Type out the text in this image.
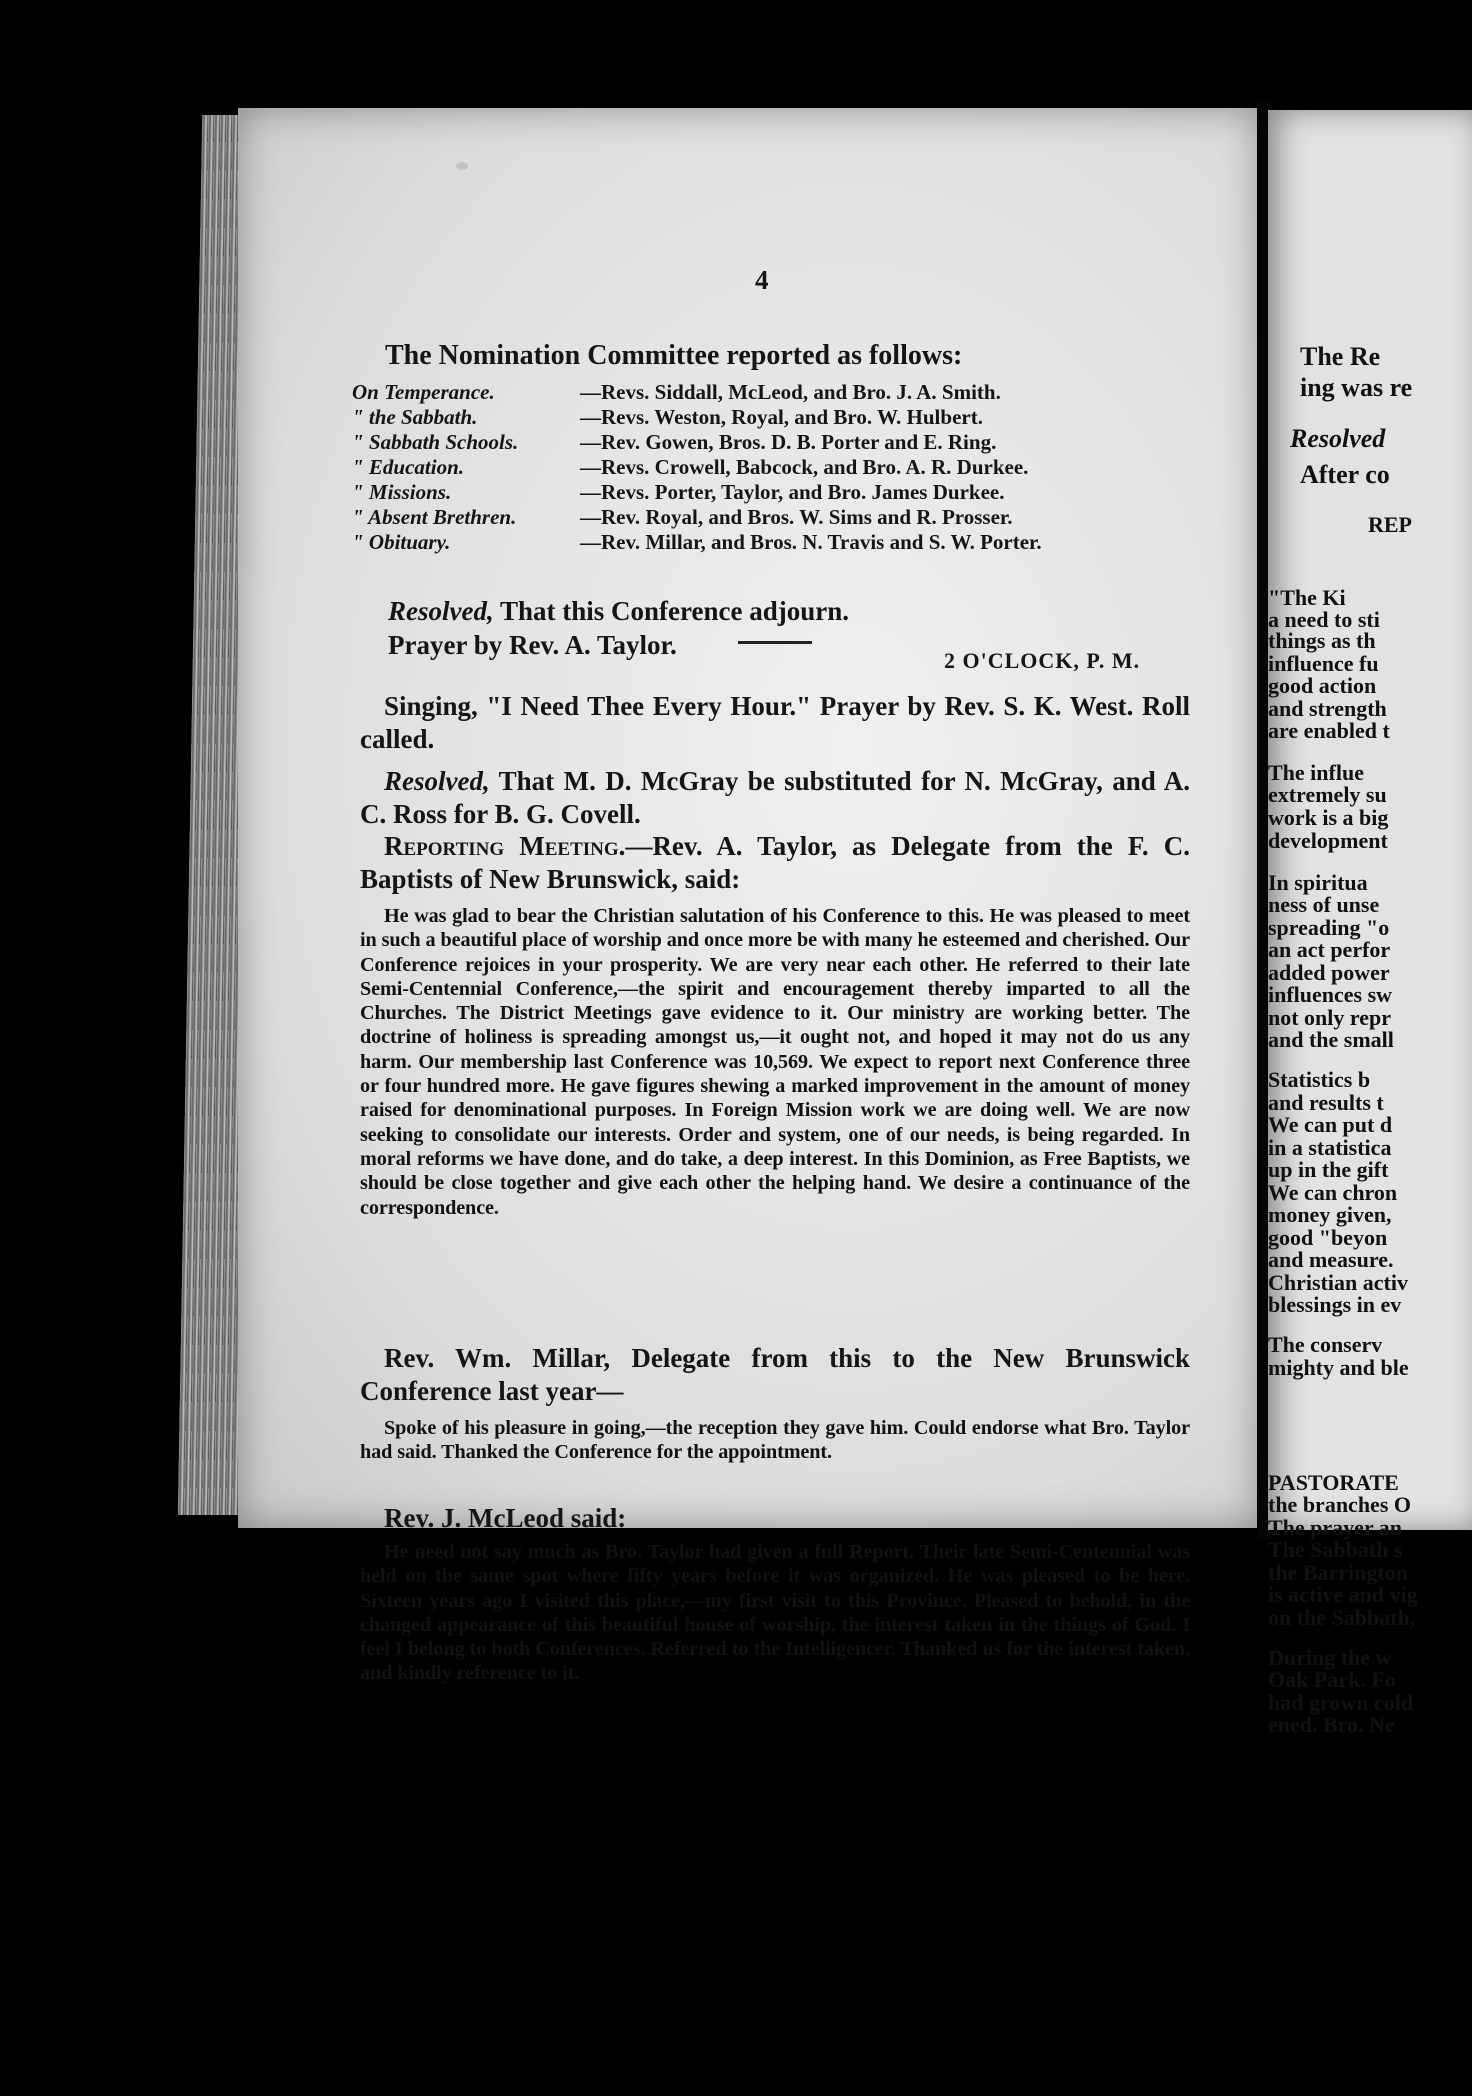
The Re
ing was re
Resolved
After co
REP
"The Ki
a need to sti
things as th
influence fu
good action
and strength
are enabled t
The influe
extremely su
work is a big
development
In spiritua
ness of unse
spreading "o
an act perfor
added power
influences sw
not only repr
and the small
Statistics b
and results t
We can put d
in a statistica
up in the gift
We can chron
money given,
good "beyon
and measure.
Christian activ
blessings in ev
The conserv
mighty and ble
PASTORATE
the branches O
The prayer an
The Sabbath s
the Barrington
is active and vig
on the Sabbath,
During the w
Oak Park. Fo
had grown cold
ened. Bro. Ne
4
The Nomination Committee reported as follows:
On Temperance.	—Revs. Siddall, McLeod, and Bro. J. A. Smith.
" the Sabbath.	—Revs. Weston, Royal, and Bro. W. Hulbert.
" Sabbath Schools.	—Rev. Gowen, Bros. D. B. Porter and E. Ring.
" Education.	—Revs. Crowell, Babcock, and Bro. A. R. Durkee.
" Missions.	—Revs. Porter, Taylor, and Bro. James Durkee.
" Absent Brethren.	—Rev. Royal, and Bros. W. Sims and R. Prosser.
" Obituary.	—Rev. Millar, and Bros. N. Travis and S. W. Porter.
Resolved, That this Conference adjourn.
Prayer by Rev. A. Taylor.
2 O'CLOCK, P. M.
Singing, "I Need Thee Every Hour." Prayer by Rev. S. K. West. Roll called.
Resolved, That M. D. McGray be substituted for N. McGray, and A. C. Ross for B. G. Covell.
Reporting Meeting.—Rev. A. Taylor, as Delegate from the F. C. Baptists of New Brunswick, said:
He was glad to bear the Christian salutation of his Conference to this. He was pleased to meet in such a beautiful place of worship and once more be with many he esteemed and cherished. Our Conference rejoices in your prosperity. We are very near each other. He referred to their late Semi-Centennial Conference,—the spirit and encouragement thereby imparted to all the Churches. The District Meetings gave evidence to it. Our ministry are working better. The doctrine of holiness is spreading amongst us,—it ought not, and hoped it may not do us any harm. Our membership last Conference was 10,569. We expect to report next Conference three or four hundred more. He gave figures shewing a marked improvement in the amount of money raised for denominational purposes. In Foreign Mission work we are doing well. We are now seeking to consolidate our interests. Order and system, one of our needs, is being regarded. In moral reforms we have done, and do take, a deep interest. In this Dominion, as Free Baptists, we should be close together and give each other the helping hand. We desire a continuance of the correspondence.
Rev. Wm. Millar, Delegate from this to the New Brunswick Conference last year—
Spoke of his pleasure in going,—the reception they gave him. Could endorse what Bro. Taylor had said. Thanked the Conference for the appointment.
Rev. J. McLeod said:
He need not say much as Bro. Taylor had given a full Report. Their late Semi-Centennial was held on the same spot where fifty years before it was organized. He was pleased to be here. Sixteen years ago I visited this place,—my first visit to this Province. Pleased to behold, in the changed appearance of this beautiful house of worship, the interest taken in the things of God. I feel I belong to both Conferences. Referred to the Intelligencer. Thanked us for the interest taken, and kindly reference to it.
